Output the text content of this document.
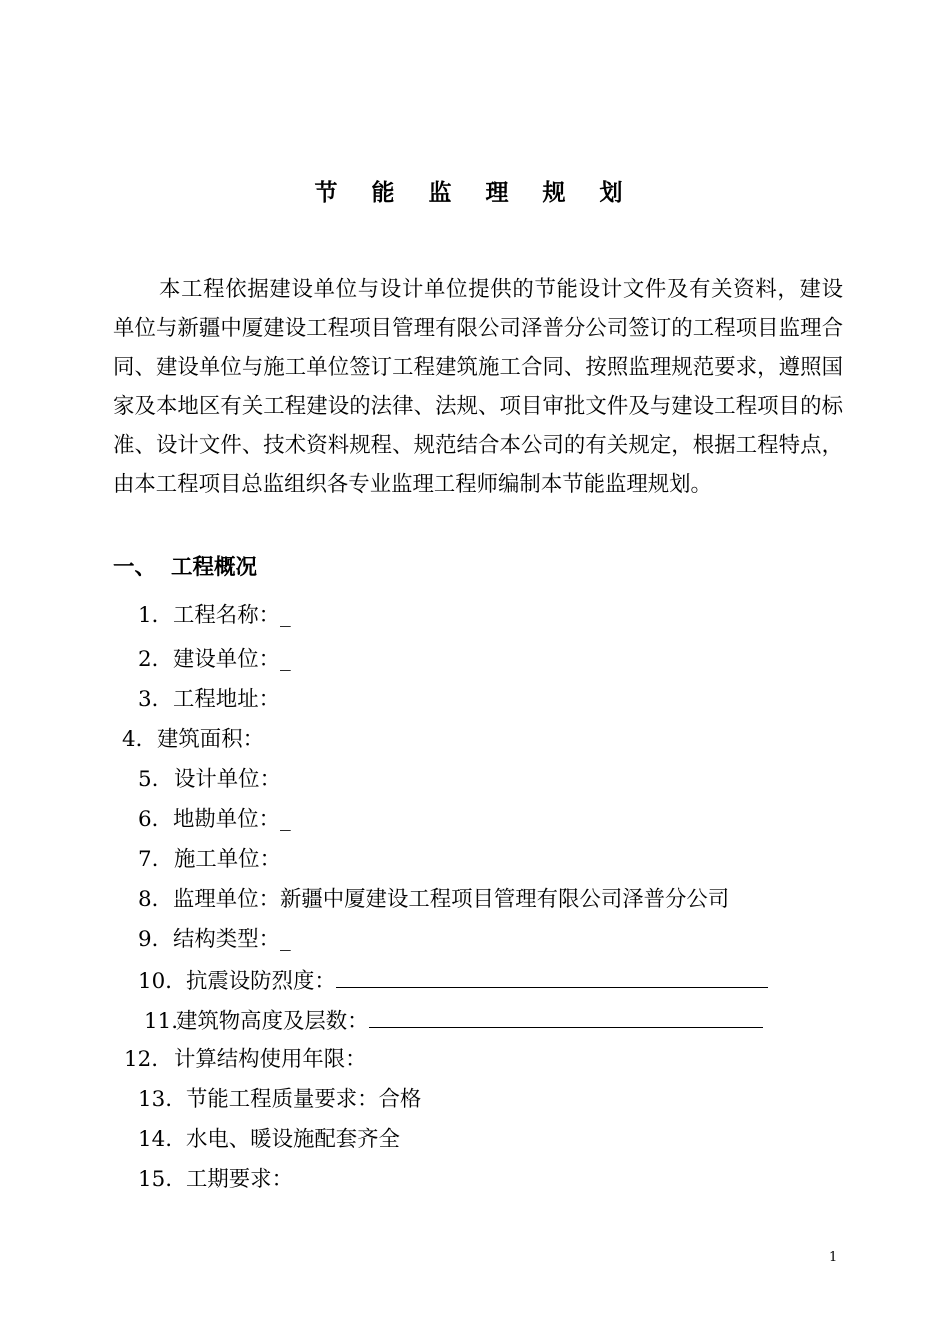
节 能 监 理 规 划

本工程依据建设单位与设计单位提供的节能设计文件及有关资料，建设单位与新疆中厦建设工程项目管理有限公司泽普分公司签订的工程项目监理合同、建设单位与施工单位签订工程建筑施工合同、按照监理规范要求，遵照国家及本地区有关工程建设的法律、法规、项目审批文件及与建设工程项目的标准、设计文件、技术资料规程、规范结合本公司的有关规定，根据工程特点，由本工程项目总监组织各专业监理工程师编制本节能监理规划。

一、 工程概况
1．工程名称：_
2．建设单位：_
3．工程地址：
4．建筑面积：
5. 设计单位：
6．地勘单位：_
7. 施工单位：
8．监理单位：新疆中厦建设工程项目管理有限公司泽普分公司
9．结构类型：_
10．抗震设防烈度：
11.建筑物高度及层数：
12. 计算结构使用年限：
13. 节能工程质量要求：合格
14. 水电、暖设施配套齐全
15. 工期要求：
1
